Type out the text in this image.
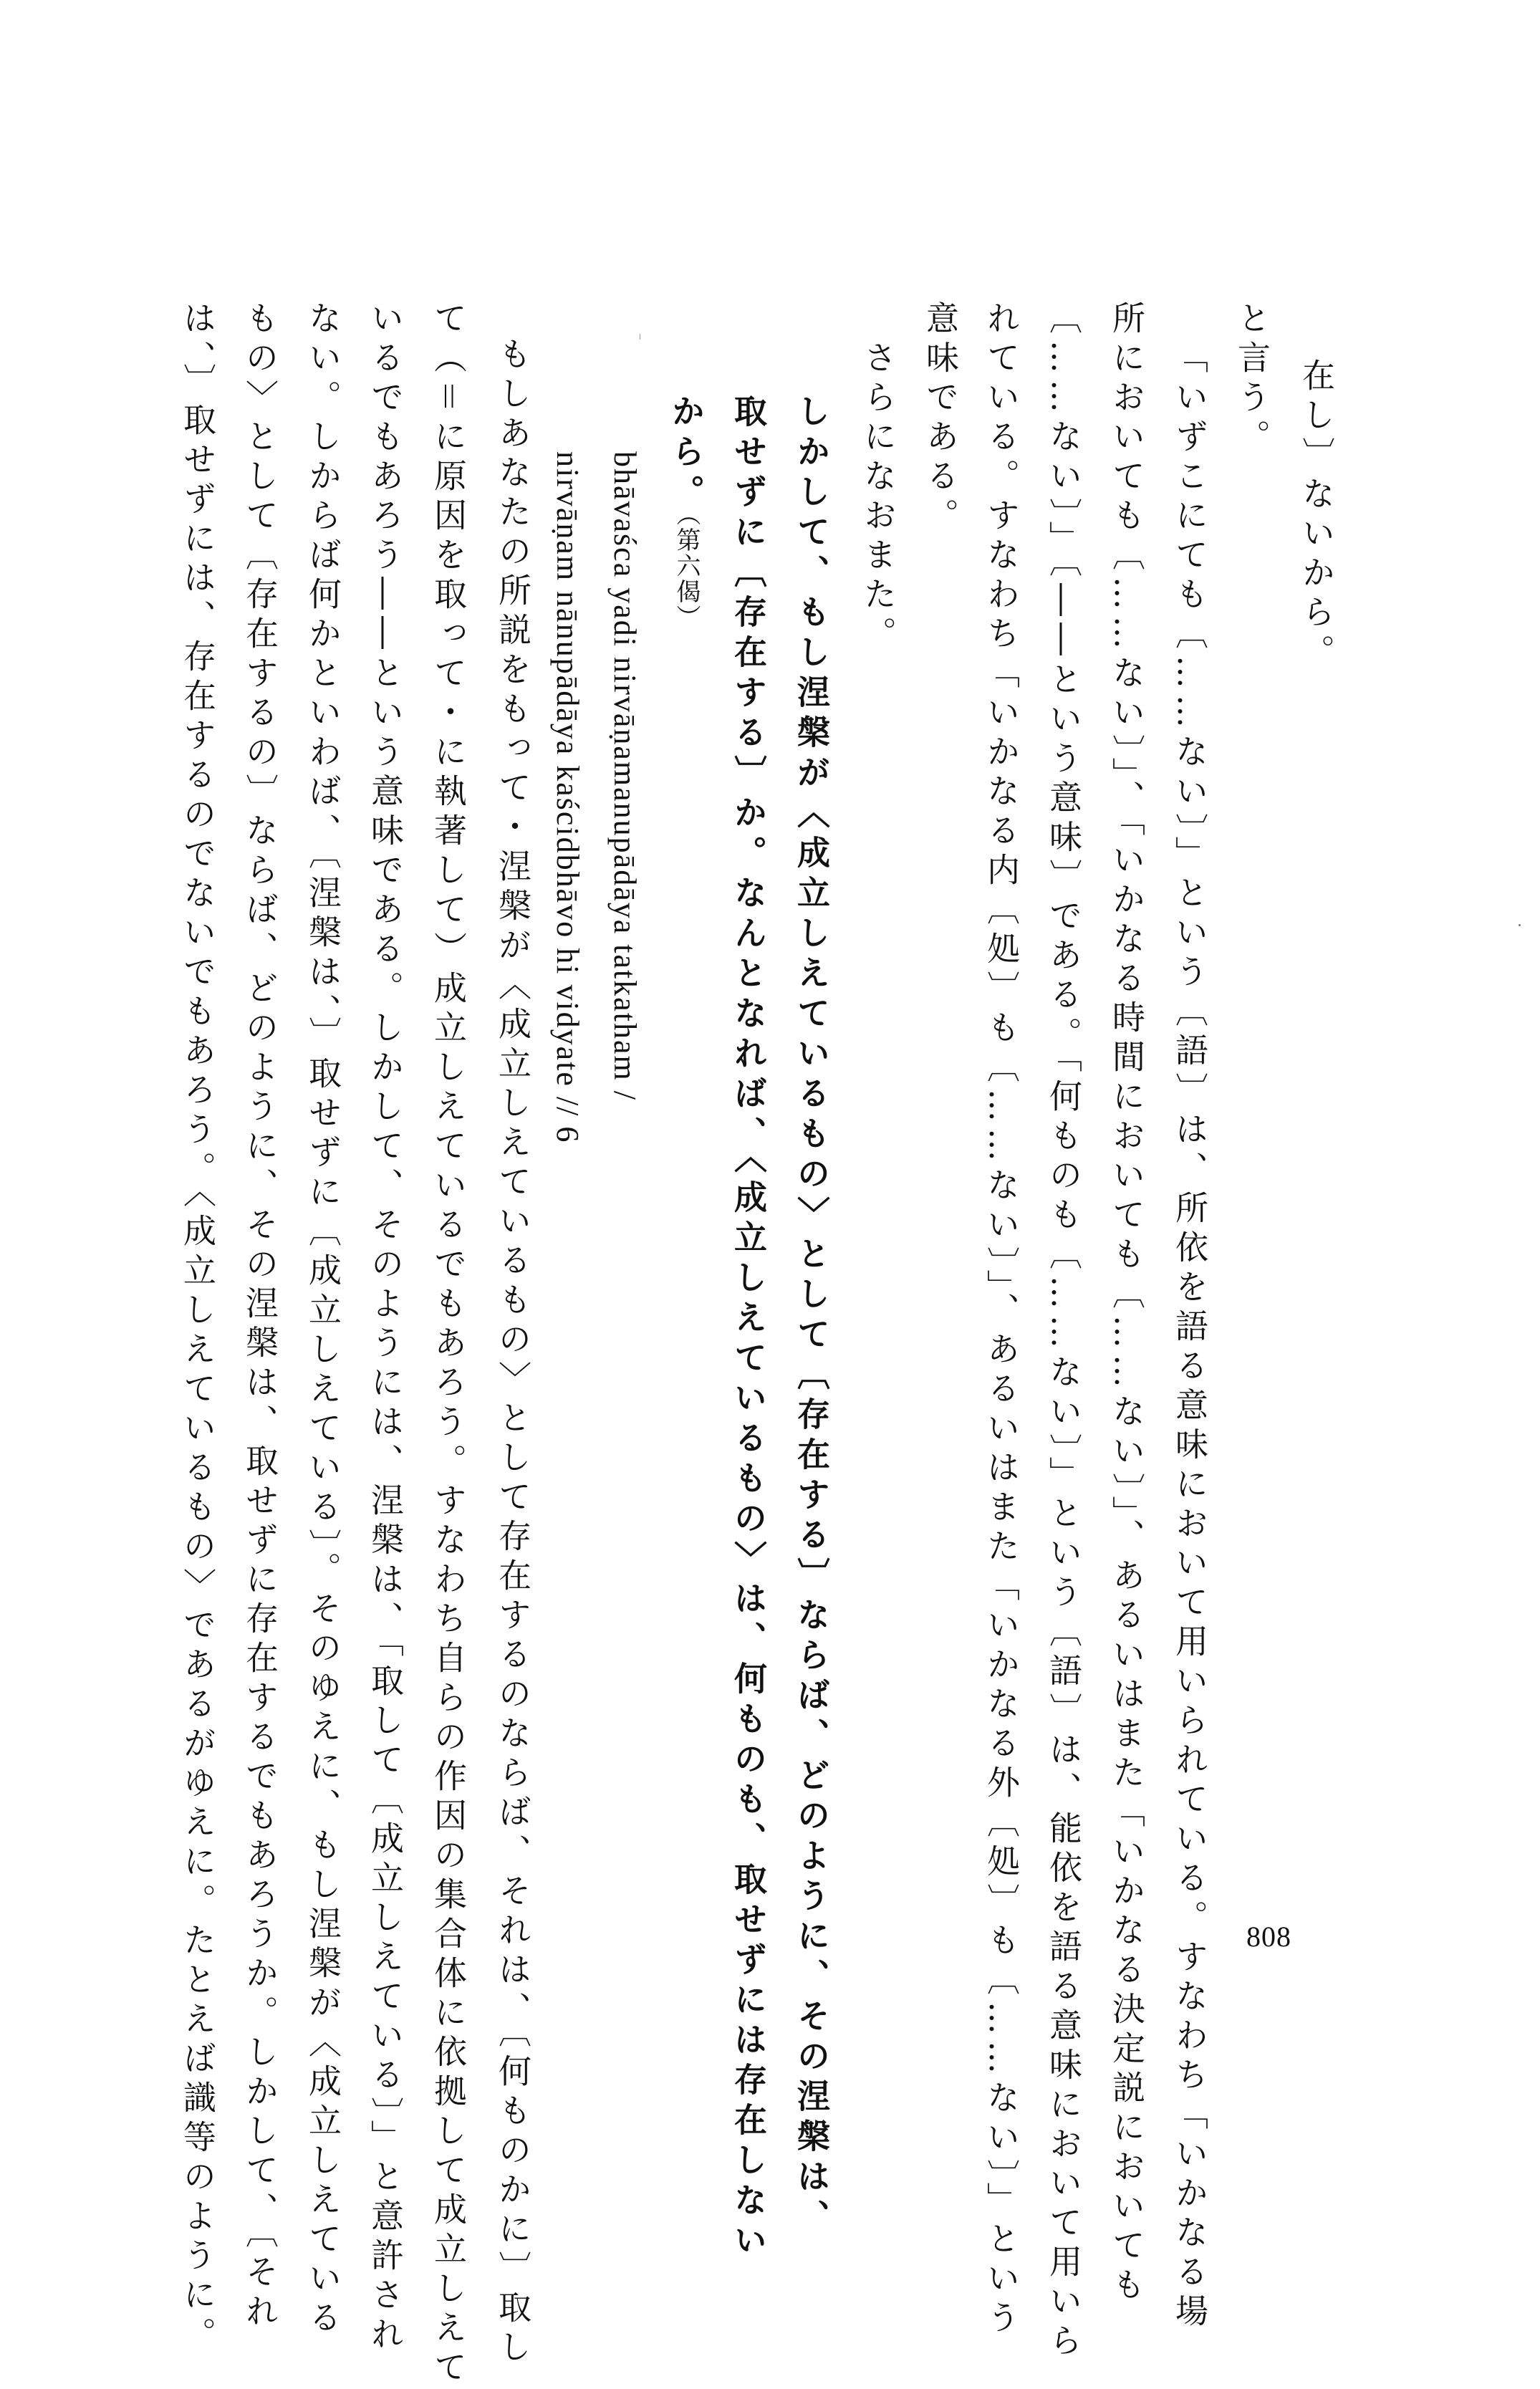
在し〕ないから。
と言う。
「いずこにても〔……ない〕」という〔語〕は、所依を語る意味において用いられている。すなわち「いかなる場
所においても〔……ない〕」、「いかなる時間においても〔……ない〕」、あるいはまた「いかなる決定説においても
〔……ない〕」〔――という意味〕である。「何ものも〔……ない〕」という〔語〕は、能依を語る意味において用いら
れている。すなわち「いかなる内〔処〕も〔……ない〕」、あるいはまた「いかなる外〔処〕も〔……ない〕」という
意味である。
さらになおまた。
しかして、もし涅槃が〈成立しえているもの〉として〔存在する〕ならば、どのように、その涅槃は、
取せずに〔存在する〕か。なんとなれば、〈成立しえているもの〉は、何ものも、取せずには存在しない
から。
（第六偈）
bhāvaśca yadi nirvāṇamanupādāya tatkatham /
nirvāṇam nānupādāya kaścidbhāvo hi vidyate // 6
もしあなたの所説をもって・涅槃が〈成立しえているもの〉として存在するのならば、それは、〔何ものかに〕取し
て（＝に原因を取って・に執著して）成立しえているでもあろう。すなわち自らの作因の集合体に依拠して成立しえて
いるでもあろう――という意味である。しかして、そのようには、涅槃は、「取して〔成立しえている〕」と意許され
ない。しからば何かといわば、〔涅槃は、〕取せずに〔成立しえている〕。そのゆえに、もし涅槃が〈成立しえている
もの〉として〔存在するの〕ならば、どのように、その涅槃は、取せずに存在するでもあろうか。しかして、〔それ
は、〕取せずには、存在するのでないでもあろう。〈成立しえているもの〉であるがゆえに。たとえば識等のように。	808
